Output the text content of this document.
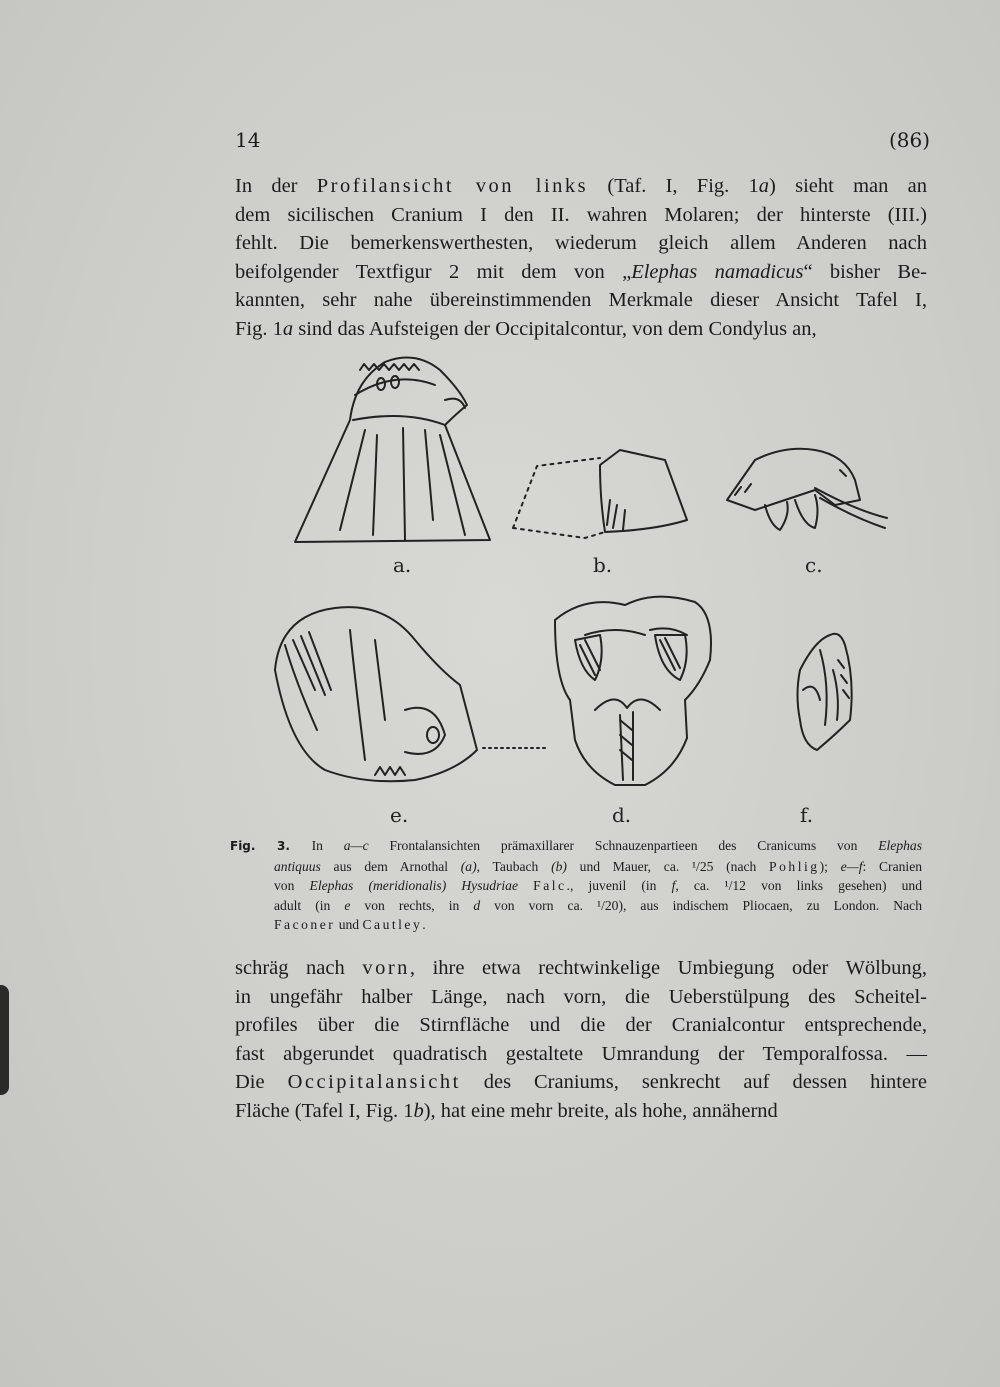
14	(86)
In der Profilansicht von links (Taf. I, Fig. 1a) sieht man an
dem sicilischen Cranium I den II. wahren Molaren; der hinterste (III.)
fehlt. Die bemerkenswerthesten, wiederum gleich allem Anderen nach
beifolgender Textfigur 2 mit dem von „Elephas namadicus“ bisher Be-
kannten, sehr nahe übereinstimmenden Merkmale dieser Ansicht Tafel I,
Fig. 1a sind das Aufsteigen der Occipitalcontur, von dem Condylus an,
a.	b.	c.
e.	d.	f.
Fig. 3. In a—c Frontalansichten prämaxillarer Schnauzenpartieen des Cranicums von Elephas
antiquus aus dem Arnothal (a), Taubach (b) und Mauer, ca. ¹/25 (nach Pohlig); e—f: Cranien
von Elephas (meridionalis) Hysudriae Falc., juvenil (in f, ca. ¹/12 von links gesehen) und
adult (in e von rechts, in d von vorn ca. ¹/20), aus indischem Pliocaen, zu London. Nach
Faconer und Cautley.
schräg nach vorn, ihre etwa rechtwinkelige Umbiegung oder Wölbung,
in ungefähr halber Länge, nach vorn, die Ueberstülpung des Scheitel-
profiles über die Stirnfläche und die der Cranialcontur entsprechende,
fast abgerundet quadratisch gestaltete Umrandung der Temporalfossa. —
Die Occipitalansicht des Craniums, senkrecht auf dessen hintere
Fläche (Tafel I, Fig. 1b), hat eine mehr breite, als hohe, annähernd
